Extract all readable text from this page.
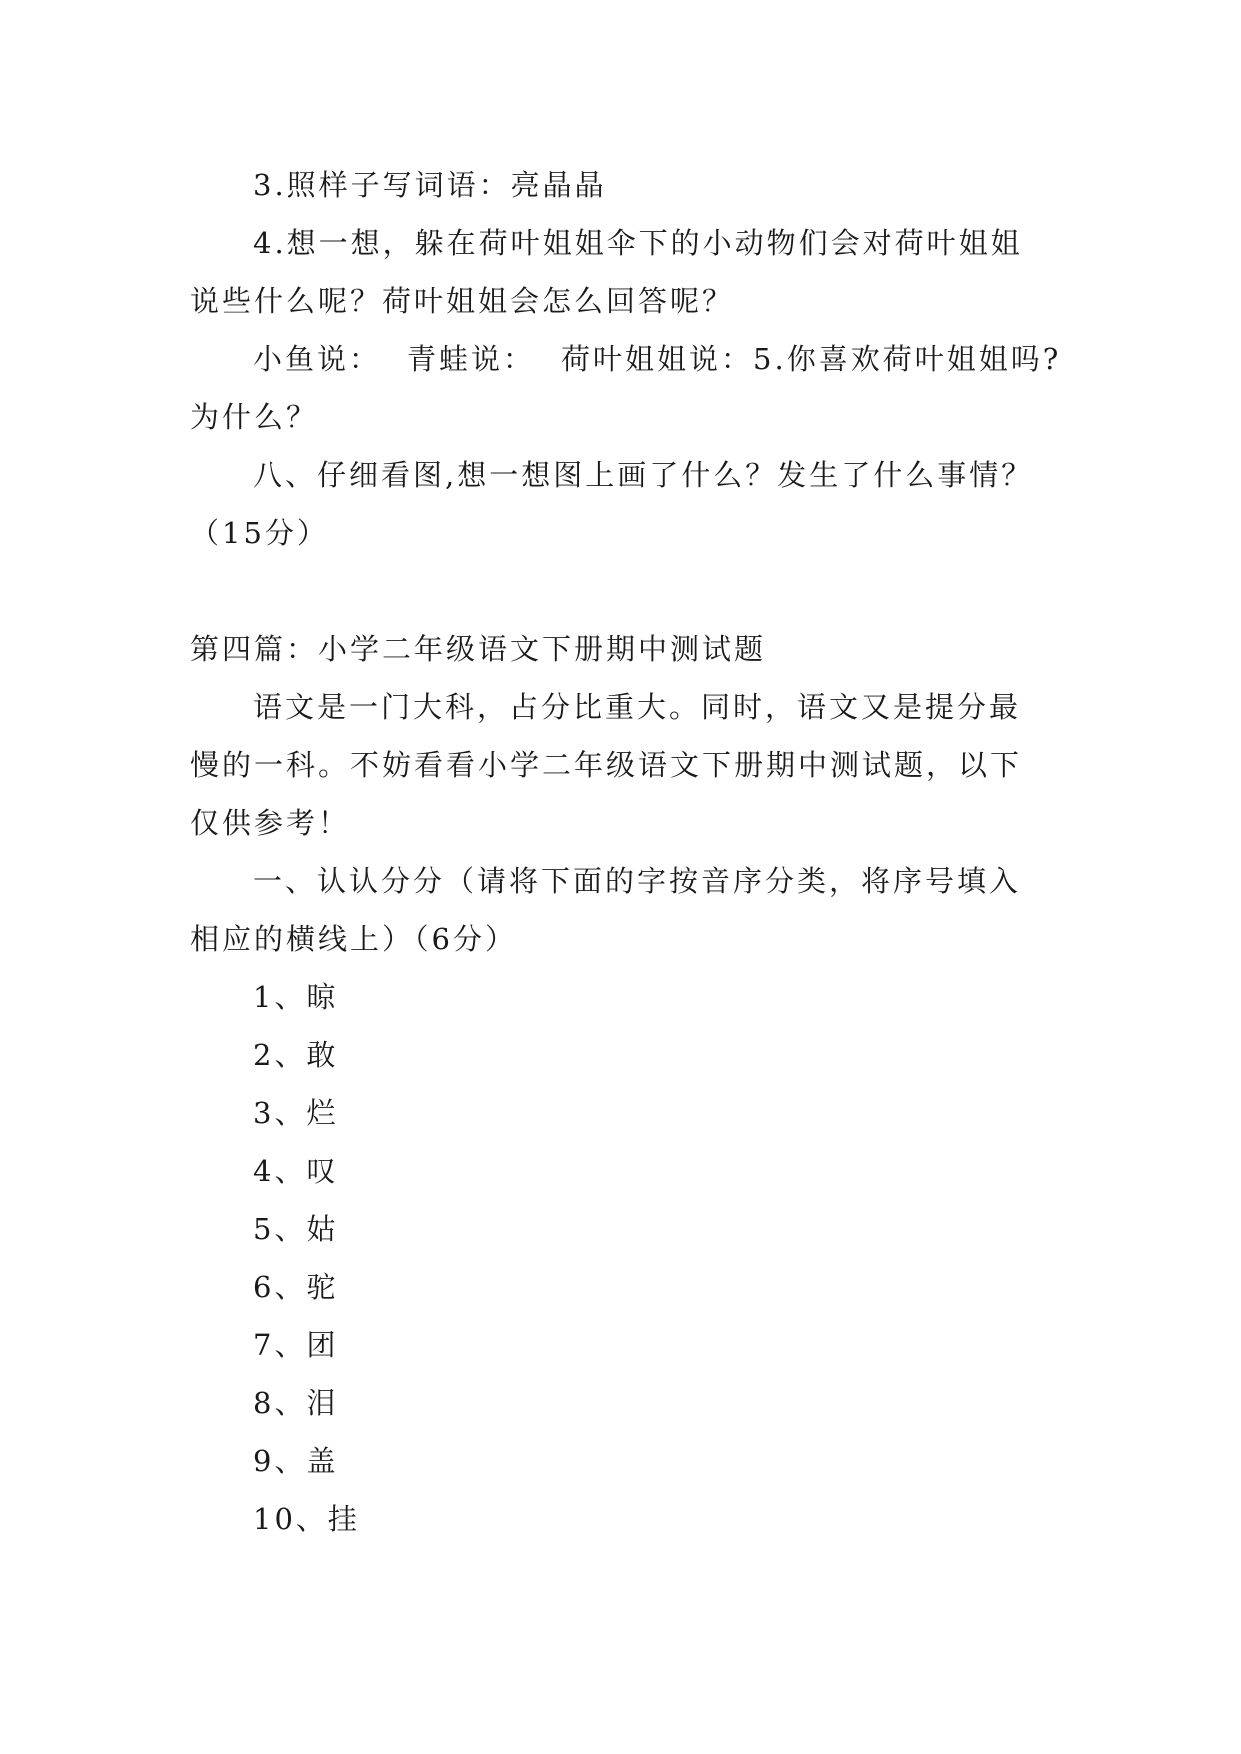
3.照样子写词语：亮晶晶
4.想一想，躲在荷叶姐姐伞下的小动物们会对荷叶姐姐
说些什么呢？荷叶姐姐会怎么回答呢？
小鱼说： 青蛙说： 荷叶姐姐说：5.你喜欢荷叶姐姐吗?
为什么？
八、仔细看图,想一想图上画了什么？发生了什么事情？
（15分）
第四篇：小学二年级语文下册期中测试题
语文是一门大科，占分比重大。同时，语文又是提分最
慢的一科。不妨看看小学二年级语文下册期中测试题，以下
仅供参考！
一、认认分分（请将下面的字按音序分类，将序号填入
相应的横线上）（6分）
1、晾
2、敢
3、烂
4、叹
5、姑
6、驼
7、团
8、泪
9、盖
10、挂
